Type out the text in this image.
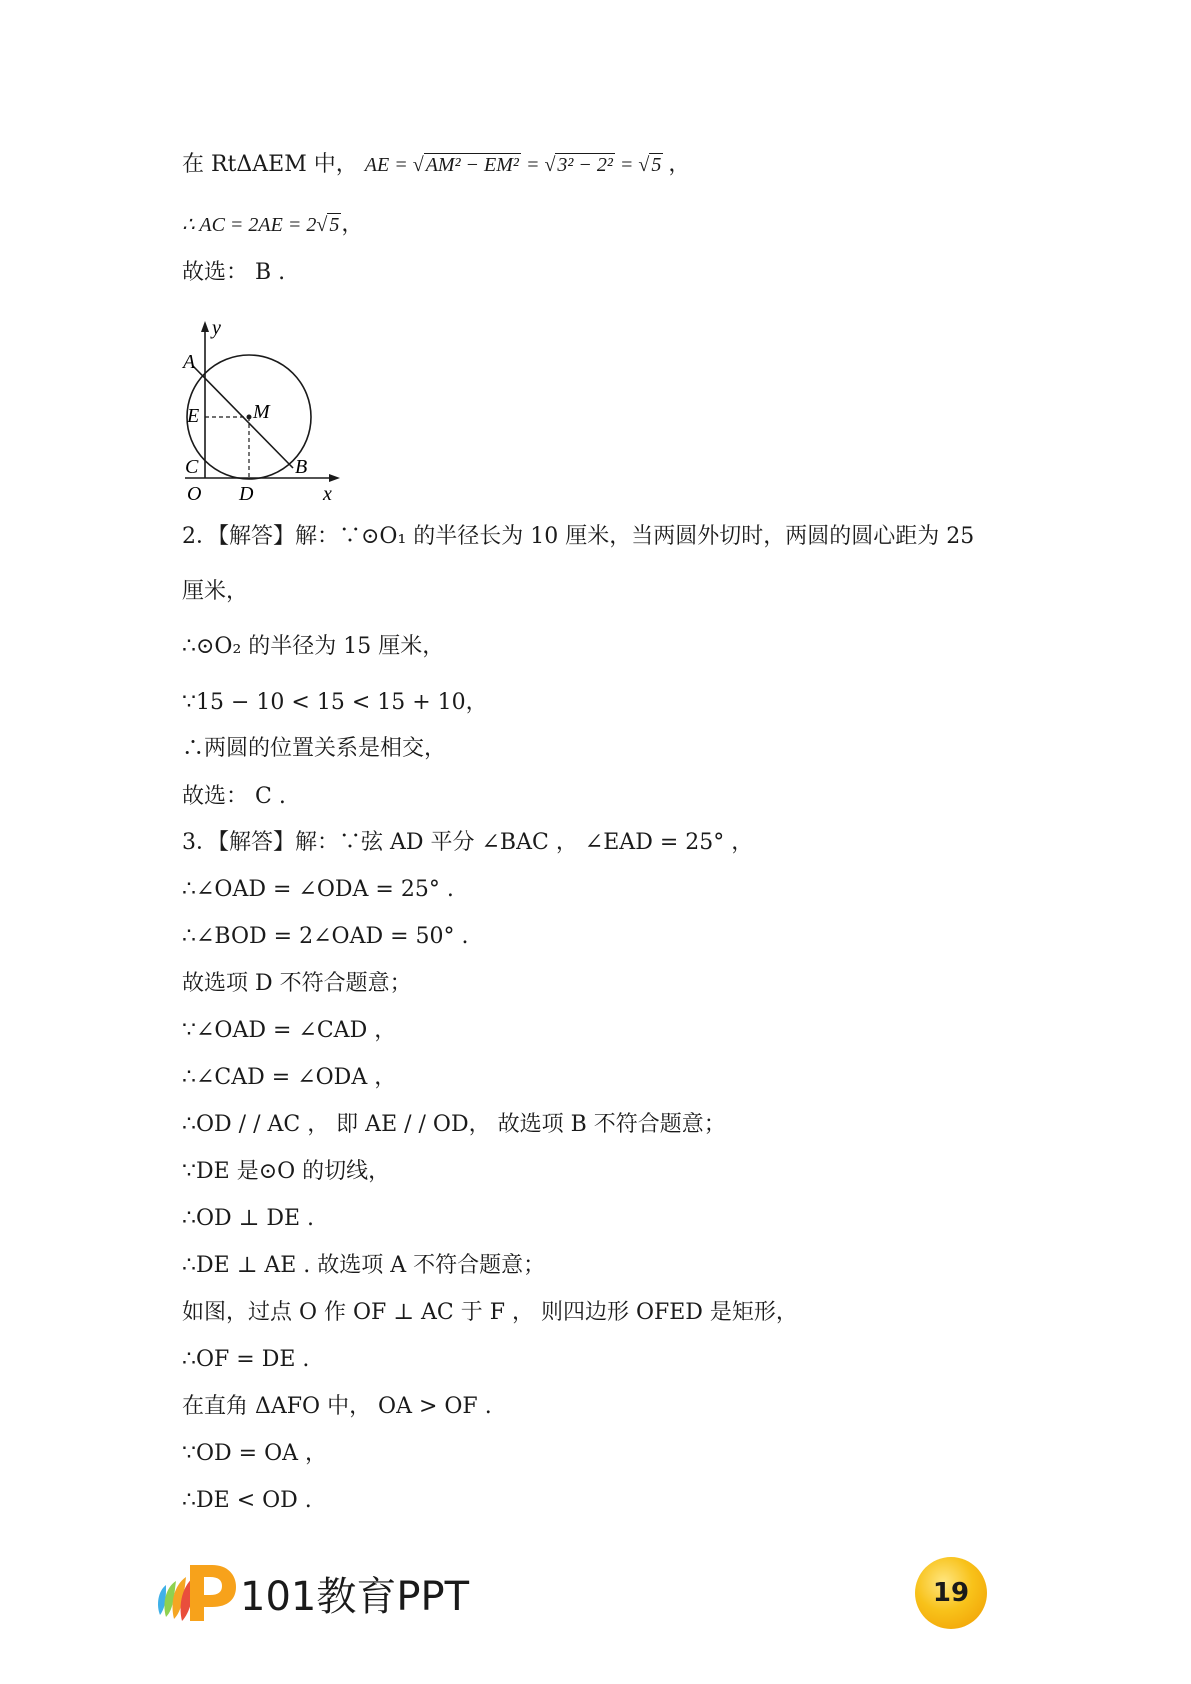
在 RtΔAEM 中， AE = √ AM² − EM² = √ 3² − 2² = √ 5 ，
∴ AC = 2AE = 2√ 5，
故选： B .
y
x
A
E	M
C	B
O D
2．【解答】解：∵⊙O₁ 的半径长为 10 厘米，当两圆外切时，两圆的圆心距为 25
厘米，
∴⊙O₂ 的半径为 15 厘米，
∵15 − 10 < 15 < 15 + 10，
∴两圆的位置关系是相交，
故选： C .
3．【解答】解：∵弦 AD 平分 ∠BAC ， ∠EAD = 25° ，
∴∠OAD = ∠ODA = 25° .
∴∠BOD = 2∠OAD = 50° .
故选项 D 不符合题意；
∵∠OAD = ∠CAD ，
∴∠CAD = ∠ODA ，
∴OD / / AC ， 即 AE / / OD， 故选项 B 不符合题意；
∵DE 是⊙O 的切线，
∴OD ⊥ DE .
∴DE ⊥ AE . 故选项 A 不符合题意；
如图，过点 O 作 OF ⊥ AC 于 F ， 则四边形 OFED 是矩形，
∴OF = DE .
在直角 ΔAFO 中， OA > OF .
∵OD = OA ，
∴DE < OD .
101教育PPT	19
